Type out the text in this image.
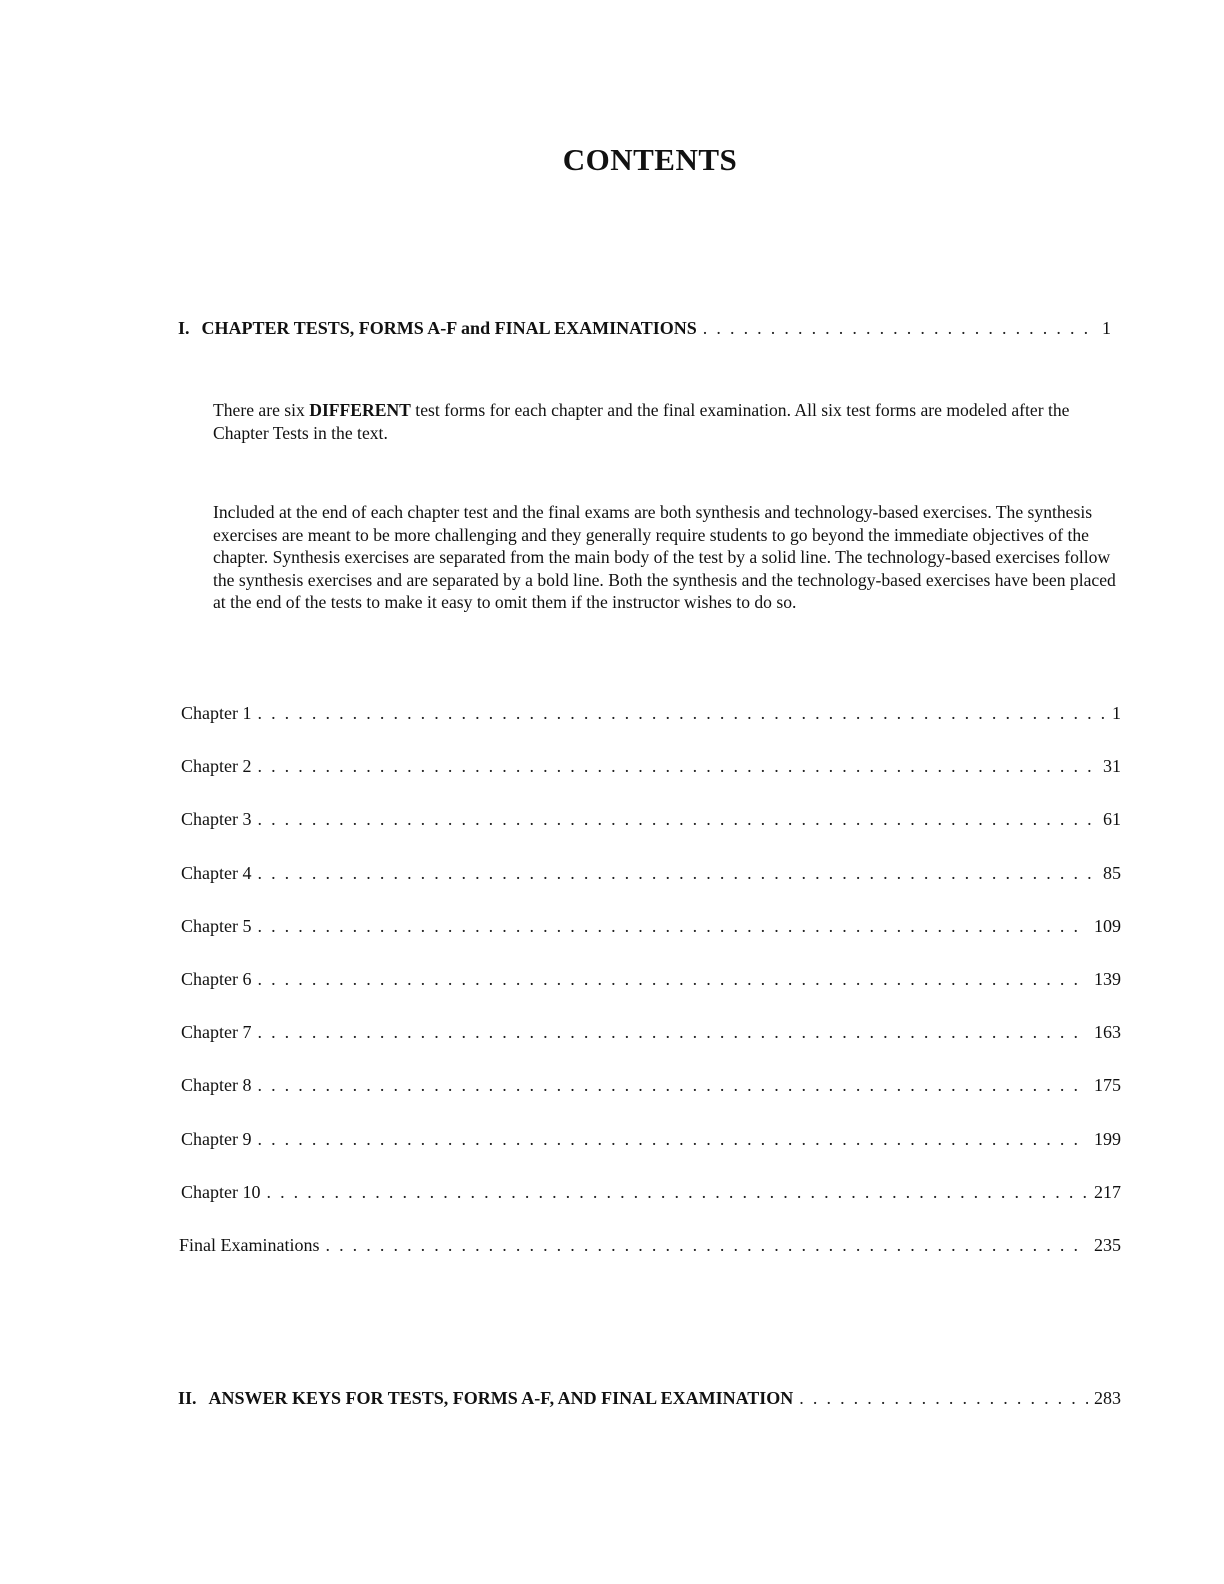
CONTENTS
I. CHAPTER TESTS, FORMS A-F and FINAL EXAMINATIONS . . .	1
There are six DIFFERENT test forms for each chapter and the final examination. All six test forms are modeled after the Chapter Tests in the text.
Included at the end of each chapter test and the final exams are both synthesis and technology-based exercises. The synthesis exercises are meant to be more challenging and they generally require students to go beyond the immediate objectives of the chapter. Synthesis exercises are separated from the main body of the test by a solid line. The technology-based exercises follow the synthesis exercises and are separated by a bold line. Both the synthesis and the technology-based exercises have been placed at the end of the tests to make it easy to omit them if the instructor wishes to do so.
Chapter 1 . . .	1
Chapter 2 . . .	31
Chapter 3 . . .	61
Chapter 4 . . .	85
Chapter 5 . . .	109
Chapter 6 . . .	139
Chapter 7 . . .	163
Chapter 8 . . .	175
Chapter 9 . . .	199
Chapter 10 . . .	217
Final Examinations . . .	235
II. ANSWER KEYS FOR TESTS, FORMS A-F, AND FINAL EXAMINATION . . .	283
